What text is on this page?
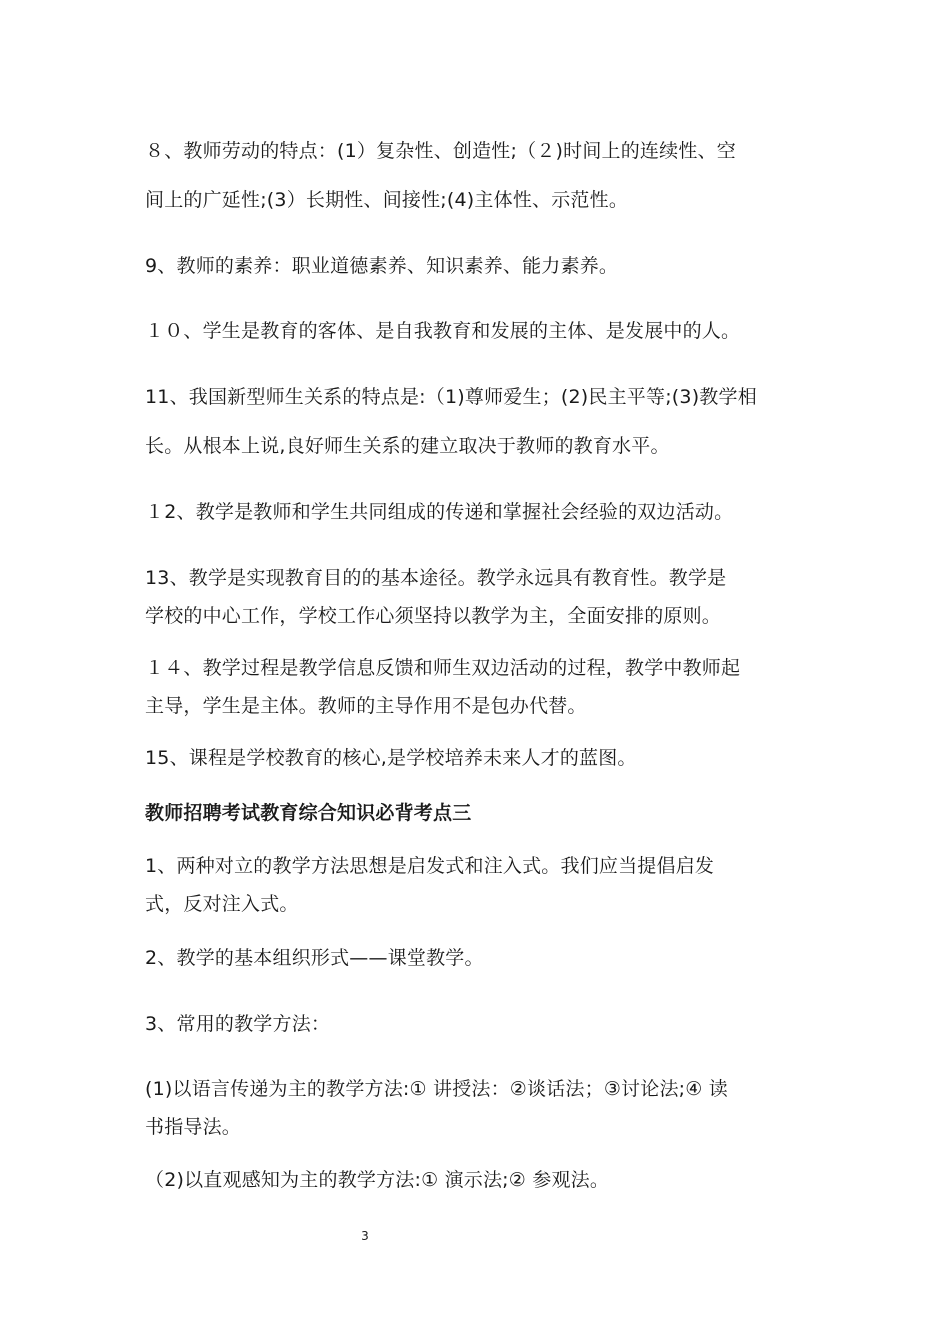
８、教师劳动的特点：(1）复杂性、创造性;（２)时间上的连续性、空
间上的广延性;(3）长期性、间接性;(4)主体性、示范性。
9、教师的素养：职业道德素养、知识素养、能力素养。
１０、学生是教育的客体、是自我教育和发展的主体、是发展中的人。
11、我国新型师生关系的特点是:（1)尊师爱生；(2)民主平等;(3)教学相
长。从根本上说,良好师生关系的建立取决于教师的教育水平。
１2、教学是教师和学生共同组成的传递和掌握社会经验的双边活动。
13、教学是实现教育目的的基本途径。教学永远具有教育性。教学是
学校的中心工作，学校工作心须坚持以教学为主，全面安排的原则。
１４、教学过程是教学信息反馈和师生双边活动的过程，教学中教师起
主导，学生是主体。教师的主导作用不是包办代替。
15、课程是学校教育的核心,是学校培养未来人才的蓝图。
教师招聘考试教育综合知识必背考点三
1、两种对立的教学方法思想是启发式和注入式。我们应当提倡启发
式，反对注入式。
2、教学的基本组织形式——课堂教学。
3、常用的教学方法：
(1)以语言传递为主的教学方法:① 讲授法：②谈话法；③讨论法;④ 读
书指导法。
（2)以直观感知为主的教学方法:① 演示法;② 参观法。
3
